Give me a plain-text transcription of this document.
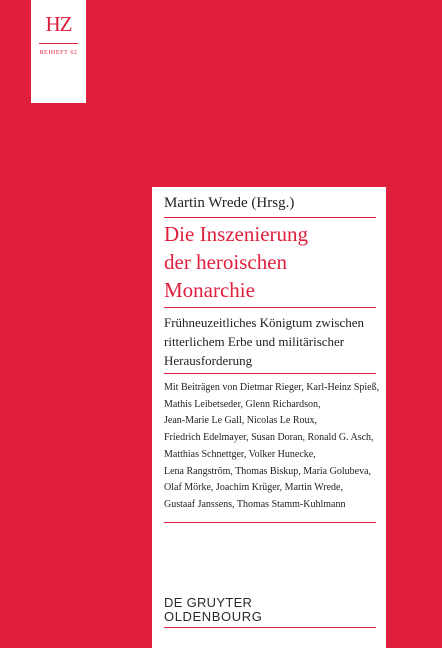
HZ
BEIHEFT 62
Martin Wrede (Hrsg.)
Die Inszenierung
der heroischen
Monarchie
Frühneuzeitliches Königtum zwischen
ritterlichem Erbe und militärischer
Herausforderung
Mit Beiträgen von Dietmar Rieger, Karl-Heinz Spieß,
Mathis Leibetseder, Glenn Richardson,
Jean-Marie Le Gall, Nicolas Le Roux,
Friedrich Edelmayer, Susan Doran, Ronald G. Asch,
Matthias Schnettger, Volker Hunecke,
Lena Rangström, Thomas Biskup, Maria Golubeva,
Olaf Mörke, Joachim Krüger, Martin Wrede,
Gustaaf Janssens, Thomas Stamm-Kuhlmann
DE GRUYTER
OLDENBOURG
